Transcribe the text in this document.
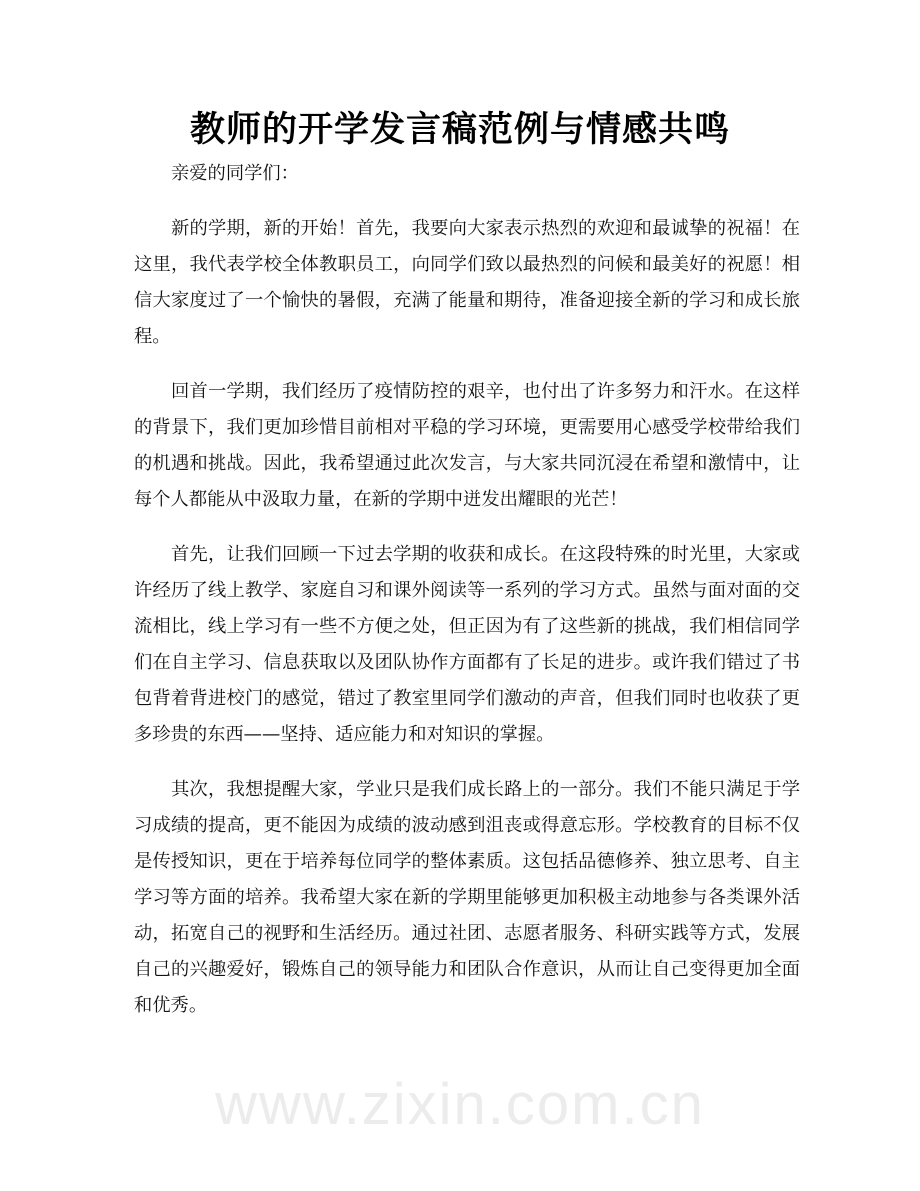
教师的开学发言稿范例与情感共鸣
亲爱的同学们：
新的学期，新的开始！首先，我要向大家表示热烈的欢迎和最诚挚的祝福！在
这里，我代表学校全体教职员工，向同学们致以最热烈的问候和最美好的祝愿！相
信大家度过了一个愉快的暑假，充满了能量和期待，准备迎接全新的学习和成长旅
程。
回首一学期，我们经历了疫情防控的艰辛，也付出了许多努力和汗水。在这样
的背景下，我们更加珍惜目前相对平稳的学习环境，更需要用心感受学校带给我们
的机遇和挑战。因此，我希望通过此次发言，与大家共同沉浸在希望和激情中，让
每个人都能从中汲取力量，在新的学期中迸发出耀眼的光芒！
首先，让我们回顾一下过去学期的收获和成长。在这段特殊的时光里，大家或
许经历了线上教学、家庭自习和课外阅读等一系列的学习方式。虽然与面对面的交
流相比，线上学习有一些不方便之处，但正因为有了这些新的挑战，我们相信同学
们在自主学习、信息获取以及团队协作方面都有了长足的进步。或许我们错过了书
包背着背进校门的感觉，错过了教室里同学们激动的声音，但我们同时也收获了更
多珍贵的东西——坚持、适应能力和对知识的掌握。
其次，我想提醒大家，学业只是我们成长路上的一部分。我们不能只满足于学
习成绩的提高，更不能因为成绩的波动感到沮丧或得意忘形。学校教育的目标不仅
是传授知识，更在于培养每位同学的整体素质。这包括品德修养、独立思考、自主
学习等方面的培养。我希望大家在新的学期里能够更加积极主动地参与各类课外活
动，拓宽自己的视野和生活经历。通过社团、志愿者服务、科研实践等方式，发展
自己的兴趣爱好，锻炼自己的领导能力和团队合作意识，从而让自己变得更加全面
和优秀。
www.zixin.com.cn
